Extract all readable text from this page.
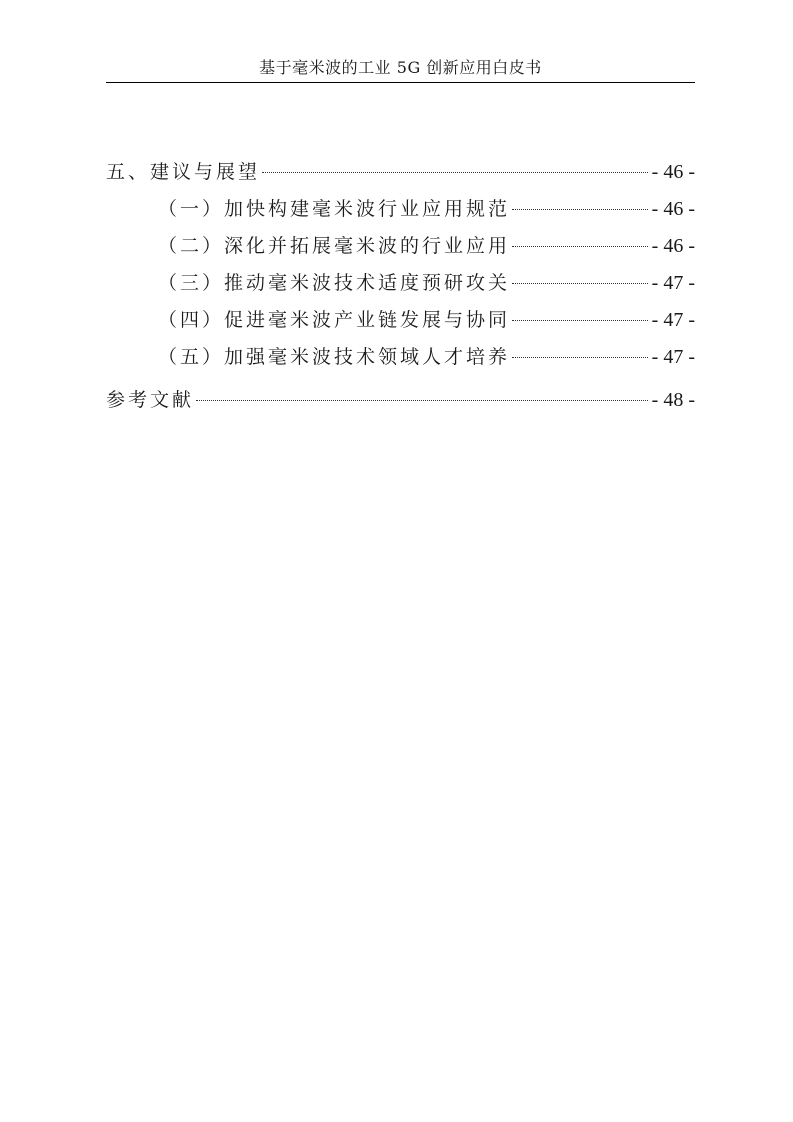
基于毫米波的工业 5G 创新应用白皮书
五、建议与展望	- 46 -
（一）加快构建毫米波行业应用规范	- 46 -
（二）深化并拓展毫米波的行业应用	- 46 -
（三）推动毫米波技术适度预研攻关	- 47 -
（四）促进毫米波产业链发展与协同	- 47 -
（五）加强毫米波技术领域人才培养	- 47 -
参考文献	- 48 -
